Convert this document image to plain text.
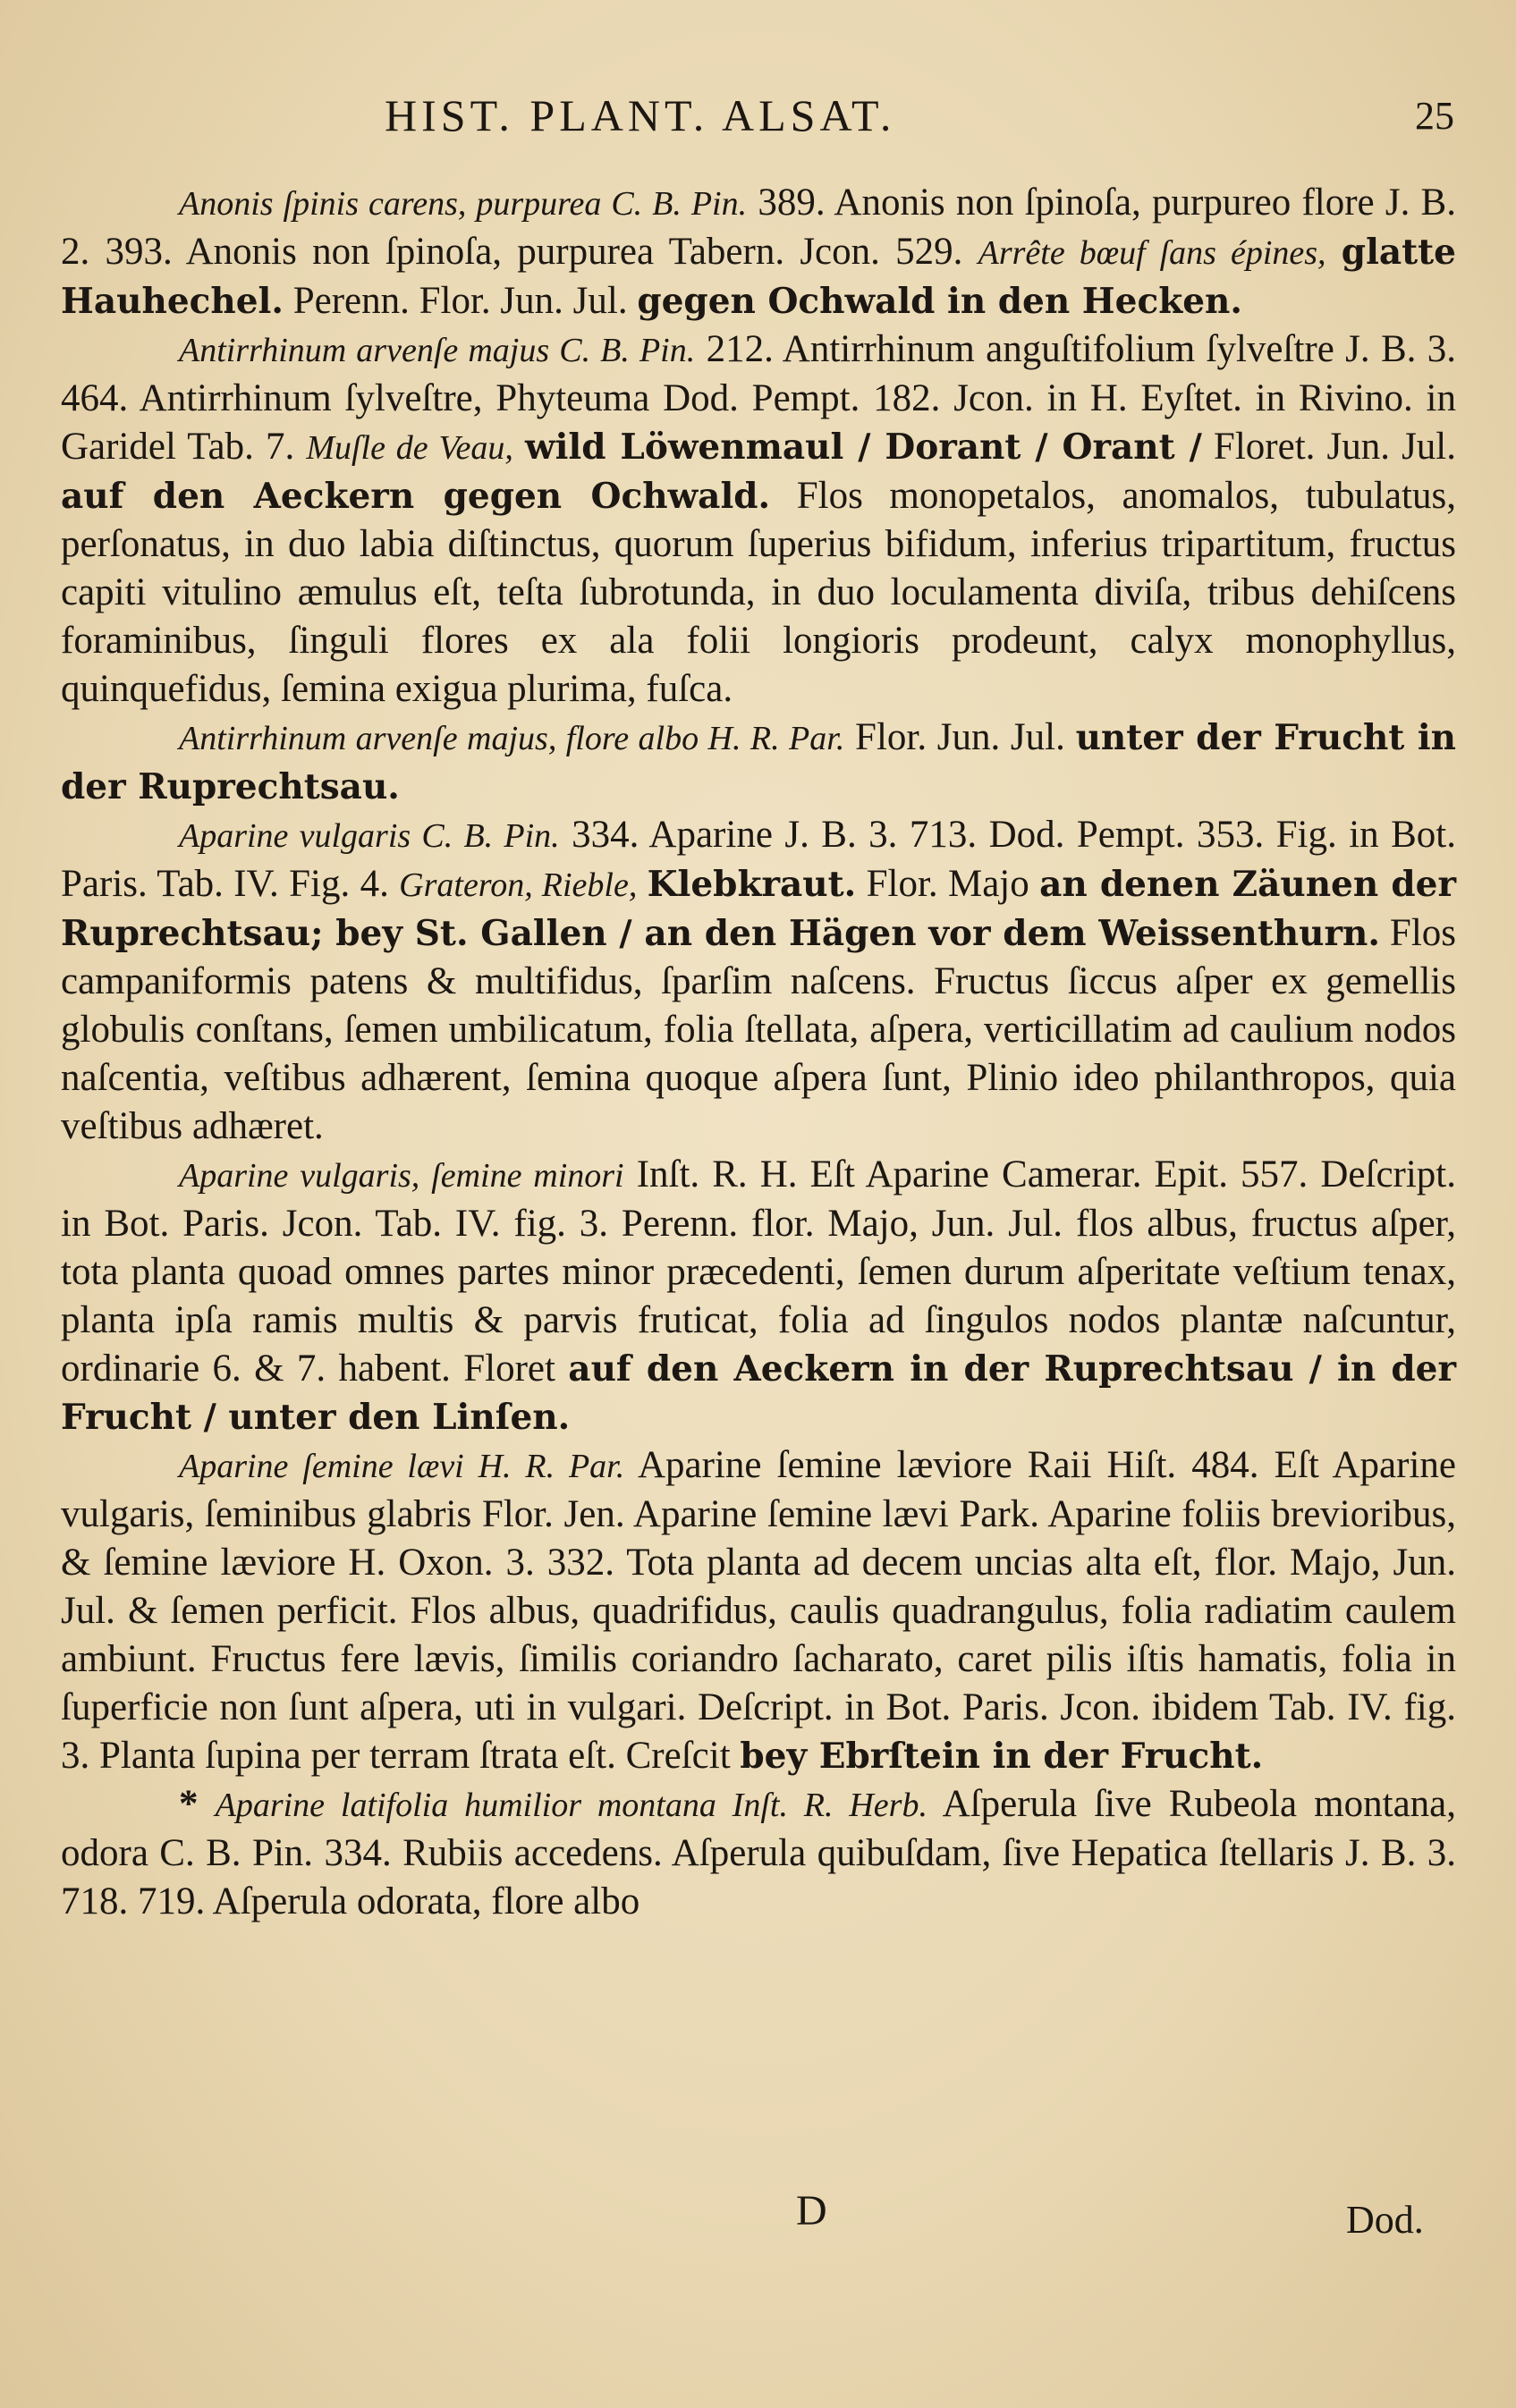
HIST. PLANT. ALSAT.	25

Anonis ſpinis carens, purpurea C. B. Pin. 389. Anonis non ſpinoſa, purpureo flore J. B. 2. 393. Anonis non ſpinoſa, purpurea Tabern. Jcon. 529. Arrête bœuf ſans épines, glatte Hauhechel. Perenn. Flor. Jun. Jul. gegen Ochwald in den Hecken.

Antirrhinum arvenſe majus C. B. Pin. 212. Antirrhinum anguſtifolium ſylveſtre J. B. 3. 464. Antirrhinum ſylveſtre, Phyteuma Dod. Pempt. 182. Jcon. in H. Eyſtet. in Rivino. in Garidel Tab. 7. Muſle de Veau, wild Löwenmaul / Dorant / Orant / Floret. Jun. Jul. auf den Aeckern gegen Ochwald. Flos monopetalos, anomalos, tubulatus, perſonatus, in duo labia diſtinctus, quorum ſuperius bifidum, inferius tripartitum, fructus capiti vitulino æmulus eſt, teſta ſubrotunda, in duo loculamenta diviſa, tribus dehiſcens foraminibus, ſinguli flores ex ala folii longioris prodeunt, calyx monophyllus, quinquefidus, ſemina exigua plurima, fuſca.

Antirrhinum arvenſe majus, flore albo H. R. Par. Flor. Jun. Jul. unter der Frucht in der Ruprechtsau.

Aparine vulgaris C. B. Pin. 334. Aparine J. B. 3. 713. Dod. Pempt. 353. Fig. in Bot. Paris. Tab. IV. Fig. 4. Grateron, Rieble, Klebkraut. Flor. Majo an denen Zäunen der Ruprechtsau; bey St. Gallen / an den Hägen vor dem Weissenthurn. Flos campaniformis patens & multifidus, ſparſim naſcens. Fructus ſiccus aſper ex gemellis globulis conſtans, ſemen umbilicatum, folia ſtellata, aſpera, verticillatim ad caulium nodos naſcentia, veſtibus adhærent, ſemina quoque aſpera ſunt, Plinio ideo philanthropos, quia veſtibus adhæret.

Aparine vulgaris, ſemine minori Inſt. R. H. Eſt Aparine Camerar. Epit. 557. Deſcript. in Bot. Paris. Jcon. Tab. IV. fig. 3. Perenn. flor. Majo, Jun. Jul. flos albus, fructus aſper, tota planta quoad omnes partes minor præcedenti, ſemen durum aſperitate veſtium tenax, planta ipſa ramis multis & parvis fruticat, folia ad ſingulos nodos plantæ naſcuntur, ordinarie 6. & 7. habent. Floret auf den Aeckern in der Ruprechtsau / in der Frucht / unter den Linſen.

Aparine ſemine lævi H. R. Par. Aparine ſemine læviore Raii Hiſt. 484. Eſt Aparine vulgaris, ſeminibus glabris Flor. Jen. Aparine ſemine lævi Park. Aparine foliis brevioribus, & ſemine læviore H. Oxon. 3. 332. Tota planta ad decem uncias alta eſt, flor. Majo, Jun. Jul. & ſemen perficit. Flos albus, quadrifidus, caulis quadrangulus, folia radiatim caulem ambiunt. Fructus fere lævis, ſimilis coriandro ſacharato, caret pilis iſtis hamatis, folia in ſuperficie non ſunt aſpera, uti in vulgari. Deſcript. in Bot. Paris. Jcon. ibidem Tab. IV. fig. 3. Planta ſupina per terram ſtrata eſt. Creſcit bey Ebrſtein in der Frucht.

* Aparine latifolia humilior montana Inſt. R. Herb. Aſperula ſive Rubeola montana, odora C. B. Pin. 334. Rubiis accedens. Aſperula quibuſdam, ſive Hepatica ſtellaris J. B. 3. 718. 719. Aſperula odorata, flore albo

D	Dod.
